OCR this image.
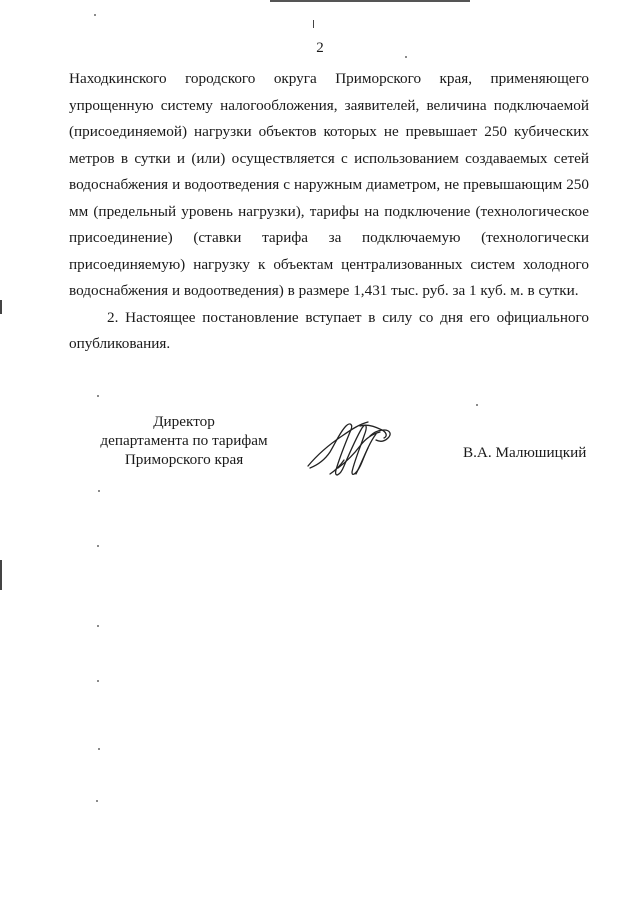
2
Находкинского городского округа Приморского края, применяющего
упрощенную систему налогообложения, заявителей, величина подключаемой
(присоединяемой) нагрузки объектов которых не превышает 250 кубических
метров в сутки и (или) осуществляется с использованием создаваемых сетей
водоснабжения и водоотведения с наружным диаметром, не превышающим 250
мм (предельный уровень нагрузки), тарифы на подключение (технологическое
присоединение) (ставки тарифа за подключаемую (технологически
присоединяемую) нагрузку к объектам централизованных систем холодного
водоснабжения и водоотведения) в размере 1,431 тыс. руб. за 1 куб. м. в сутки.
2. Настоящее постановление вступает в силу со дня его официального
опубликования.
Директор
департамента по тарифам
Приморского края	В.А. Малюшицкий
